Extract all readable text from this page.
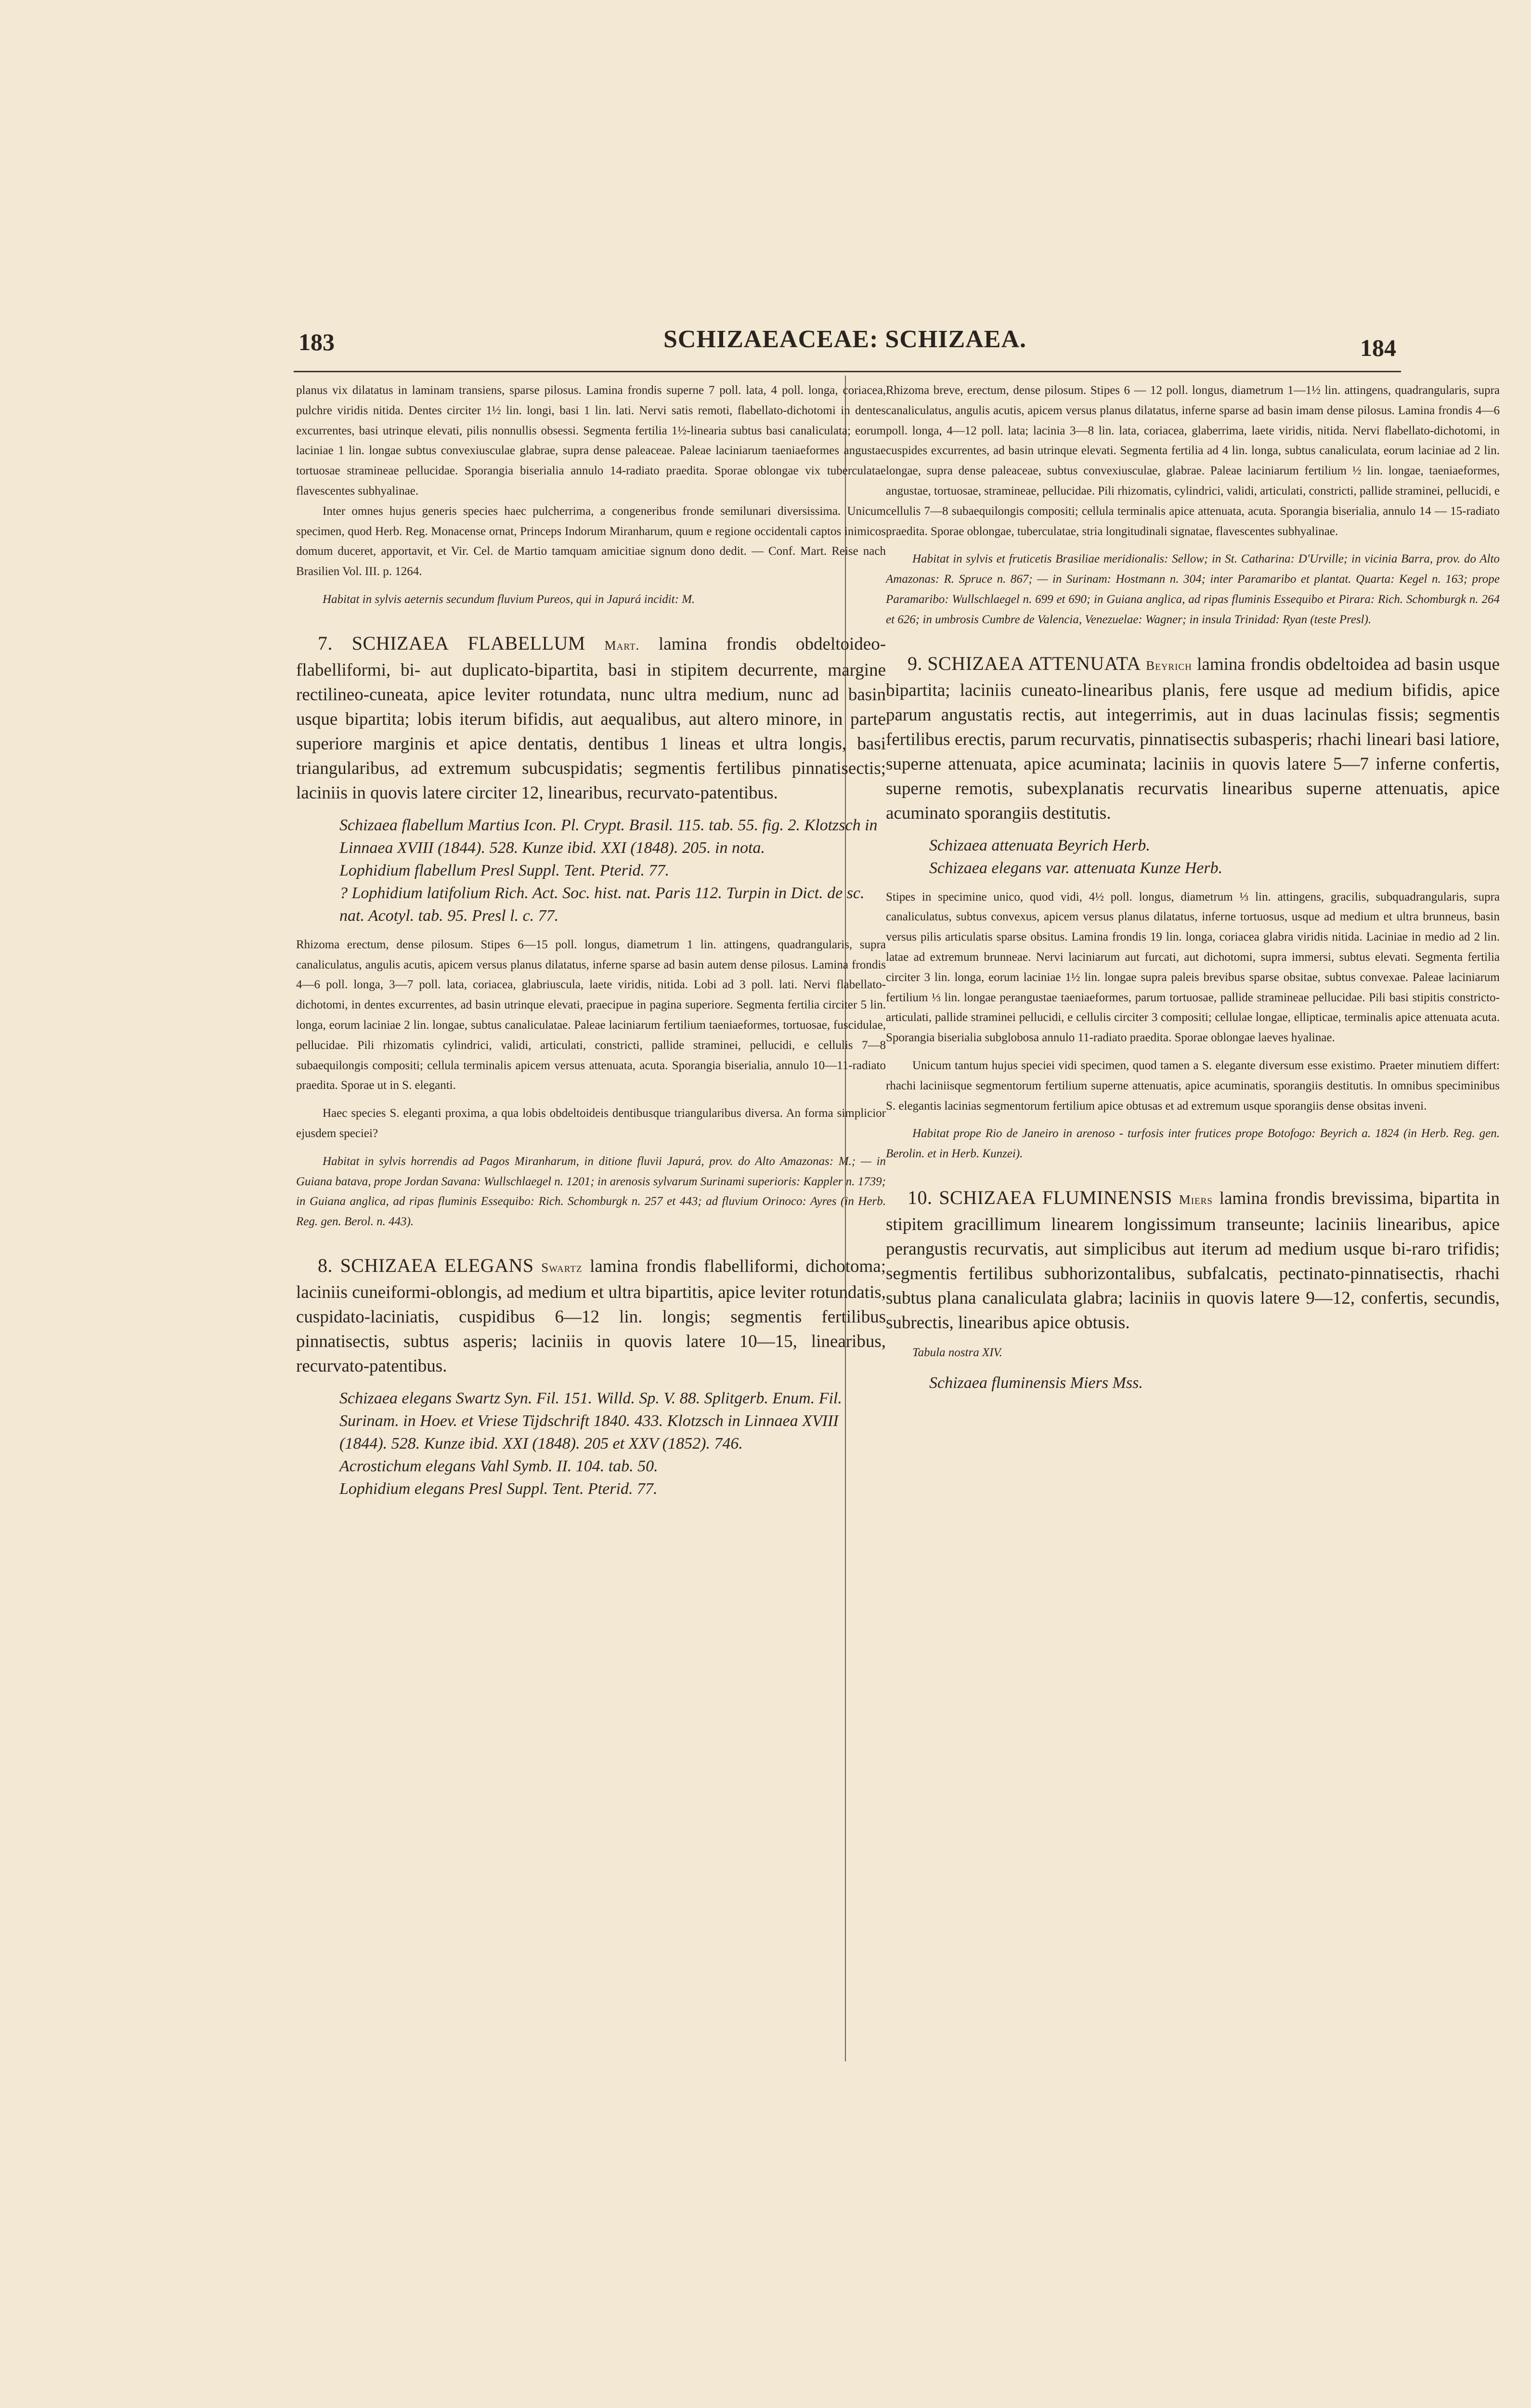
183	SCHIZAEACEAE: SCHIZAEA.	184

planus vix dilatatus in laminam transiens, sparse pilosus. Lamina frondis superne 7 poll. lata, 4 poll. longa, coriacea, pulchre viridis nitida. Dentes circiter 1½ lin. longi, basi 1 lin. lati. Nervi satis remoti, flabellato-dichotomi in dentes excurrentes, basi utrinque elevati, pilis nonnullis obsessi. Segmenta fertilia 1½-linearia subtus basi canaliculata; eorum laciniae 1 lin. longae subtus convexiusculae glabrae, supra dense paleaceae. Paleae laciniarum taeniaeformes angustae tortuosae stramineae pellucidae. Sporangia biserialia annulo 14-radiato praedita. Sporae oblongae vix tuberculatae flavescentes subhyalinae.

Inter omnes hujus generis species haec pulcherrima, a congeneribus fronde semilunari diversissima. Unicum specimen, quod Herb. Reg. Monacense ornat, Princeps Indorum Miranharum, quum e regione occidentali captos inimicos domum duceret, apportavit, et Vir. Cel. de Martio tamquam amicitiae signum dono dedit. — Conf. Mart. Reise nach Brasilien Vol. III. p. 1264.

Habitat in sylvis aeternis secundum fluvium Pureos, qui in Japurá incidit: M.

7. SCHIZAEA FLABELLUM Mart. lamina frondis obdeltoideo-flabelliformi, bi- aut duplicato-bipartita, basi in stipitem decurrente, margine rectilineo-cuneata, apice leviter rotundata, nunc ultra medium, nunc ad basin usque bipartita; lobis iterum bifidis, aut aequalibus, aut altero minore, in parte superiore marginis et apice dentatis, dentibus 1 lineas et ultra longis, basi triangularibus, ad extremum subcuspidatis; segmentis fertilibus pinnatisectis; laciniis in quovis latere circiter 12, linearibus, recurvato-patentibus.

Schizaea flabellum Martius Icon. Pl. Crypt. Brasil. 115. tab. 55. fig. 2. Klotzsch in Linnaea XVIII (1844). 528. Kunze ibid. XXI (1848). 205. in nota.

Lophidium flabellum Presl Suppl. Tent. Pterid. 77.

? Lophidium latifolium Rich. Act. Soc. hist. nat. Paris 112. Turpin in Dict. de sc. nat. Acotyl. tab. 95. Presl l. c. 77.

Rhizoma erectum, dense pilosum. Stipes 6—15 poll. longus, diametrum 1 lin. attingens, quadrangularis, supra canaliculatus, angulis acutis, apicem versus planus dilatatus, inferne sparse ad basin autem dense pilosus. Lamina frondis 4—6 poll. longa, 3—7 poll. lata, coriacea, glabriuscula, laete viridis, nitida. Lobi ad 3 poll. lati. Nervi flabellato-dichotomi, in dentes excurrentes, ad basin utrinque elevati, praecipue in pagina superiore. Segmenta fertilia circiter 5 lin. longa, eorum laciniae 2 lin. longae, subtus canaliculatae. Paleae laciniarum fertilium taeniaeformes, tortuosae, fuscidulae, pellucidae. Pili rhizomatis cylindrici, validi, articulati, constricti, pallide straminei, pellucidi, e cellulis 7—8 subaequilongis compositi; cellula terminalis apicem versus attenuata, acuta. Sporangia biserialia, annulo 10—11-radiato praedita. Sporae ut in S. eleganti.

Haec species S. eleganti proxima, a qua lobis obdeltoideis dentibusque triangularibus diversa. An forma simplicior ejusdem speciei?

Habitat in sylvis horrendis ad Pagos Miranharum, in ditione fluvii Japurá, prov. do Alto Amazonas: M.; — in Guiana batava, prope Jordan Savana: Wullschlaegel n. 1201; in arenosis sylvarum Surinami superioris: Kappler n. 1739; in Guiana anglica, ad ripas fluminis Essequibo: Rich. Schomburgk n. 257 et 443; ad fluvium Orinoco: Ayres (in Herb. Reg. gen. Berol. n. 443).

8. SCHIZAEA ELEGANS Swartz lamina frondis flabelliformi, dichotoma; laciniis cuneiformi-oblongis, ad medium et ultra bipartitis, apice leviter rotundatis, cuspidato-laciniatis, cuspidibus 6—12 lin. longis; segmentis fertilibus pinnatisectis, subtus asperis; laciniis in quovis latere 10—15, linearibus, recurvato-patentibus.

Schizaea elegans Swartz Syn. Fil. 151. Willd. Sp. V. 88. Splitgerb. Enum. Fil. Surinam. in Hoev. et Vriese Tijdschrift 1840. 433. Klotzsch in Linnaea XVIII (1844). 528. Kunze ibid. XXI (1848). 205 et XXV (1852). 746.

Acrostichum elegans Vahl Symb. II. 104. tab. 50.

Lophidium elegans Presl Suppl. Tent. Pterid. 77.

Rhizoma breve, erectum, dense pilosum. Stipes 6 — 12 poll. longus, diametrum 1—1½ lin. attingens, quadrangularis, supra canaliculatus, angulis acutis, apicem versus planus dilatatus, inferne sparse ad basin imam dense pilosus. Lamina frondis 4—6 poll. longa, 4—12 poll. lata; lacinia 3—8 lin. lata, coriacea, glaberrima, laete viridis, nitida. Nervi flabellato-dichotomi, in cuspides excurrentes, ad basin utrinque elevati. Segmenta fertilia ad 4 lin. longa, subtus canaliculata, eorum laciniae ad 2 lin. longae, supra dense paleaceae, subtus convexiusculae, glabrae. Paleae laciniarum fertilium ½ lin. longae, taeniaeformes, angustae, tortuosae, stramineae, pellucidae. Pili rhizomatis, cylindrici, validi, articulati, constricti, pallide straminei, pellucidi, e cellulis 7—8 subaequilongis compositi; cellula terminalis apice attenuata, acuta. Sporangia biserialia, annulo 14 — 15-radiato praedita. Sporae oblongae, tuberculatae, stria longitudinali signatae, flavescentes subhyalinae.

Habitat in sylvis et fruticetis Brasiliae meridionalis: Sellow; in St. Catharina: D'Urville; in vicinia Barra, prov. do Alto Amazonas: R. Spruce n. 867; — in Surinam: Hostmann n. 304; inter Paramaribo et plantat. Quarta: Kegel n. 163; prope Paramaribo: Wullschlaegel n. 699 et 690; in Guiana anglica, ad ripas fluminis Essequibo et Pirara: Rich. Schomburgk n. 264 et 626; in umbrosis Cumbre de Valencia, Venezuelae: Wagner; in insula Trinidad: Ryan (teste Presl).

9. SCHIZAEA ATTENUATA Beyrich lamina frondis obdeltoidea ad basin usque bipartita; laciniis cuneato-linearibus planis, fere usque ad medium bifidis, apice parum angustatis rectis, aut integerrimis, aut in duas lacinulas fissis; segmentis fertilibus erectis, parum recurvatis, pinnatisectis subasperis; rhachi lineari basi latiore, superne attenuata, apice acuminata; laciniis in quovis latere 5—7 inferne confertis, superne remotis, subexplanatis recurvatis linearibus superne attenuatis, apice acuminato sporangiis destitutis.

Schizaea attenuata Beyrich Herb.

Schizaea elegans var. attenuata Kunze Herb.

Stipes in specimine unico, quod vidi, 4½ poll. longus, diametrum ⅓ lin. attingens, gracilis, subquadrangularis, supra canaliculatus, subtus convexus, apicem versus planus dilatatus, inferne tortuosus, usque ad medium et ultra brunneus, basin versus pilis articulatis sparse obsitus. Lamina frondis 19 lin. longa, coriacea glabra viridis nitida. Laciniae in medio ad 2 lin. latae ad extremum brunneae. Nervi laciniarum aut furcati, aut dichotomi, supra immersi, subtus elevati. Segmenta fertilia circiter 3 lin. longa, eorum laciniae 1½ lin. longae supra paleis brevibus sparse obsitae, subtus convexae. Paleae laciniarum fertilium ⅓ lin. longae perangustae taeniaeformes, parum tortuosae, pallide stramineae pellucidae. Pili basi stipitis constricto-articulati, pallide straminei pellucidi, e cellulis circiter 3 compositi; cellulae longae, ellipticae, terminalis apice attenuata acuta. Sporangia biserialia subglobosa annulo 11-radiato praedita. Sporae oblongae laeves hyalinae.

Unicum tantum hujus speciei vidi specimen, quod tamen a S. elegante diversum esse existimo. Praeter minutiem differt: rhachi laciniisque segmentorum fertilium superne attenuatis, apice acuminatis, sporangiis destitutis. In omnibus speciminibus S. elegantis lacinias segmentorum fertilium apice obtusas et ad extremum usque sporangiis dense obsitas inveni.

Habitat prope Rio de Janeiro in arenoso - turfosis inter frutices prope Botofogo: Beyrich a. 1824 (in Herb. Reg. gen. Berolin. et in Herb. Kunzei).

10. SCHIZAEA FLUMINENSIS Miers lamina frondis brevissima, bipartita in stipitem gracillimum linearem longissimum transeunte; laciniis linearibus, apice perangustis recurvatis, aut simplicibus aut iterum ad medium usque bi-raro trifidis; segmentis fertilibus subhorizontalibus, subfalcatis, pectinato-pinnatisectis, rhachi subtus plana canaliculata glabra; laciniis in quovis latere 9—12, confertis, secundis, subrectis, linearibus apice obtusis.

Tabula nostra XIV.

Schizaea fluminensis Miers Mss.
